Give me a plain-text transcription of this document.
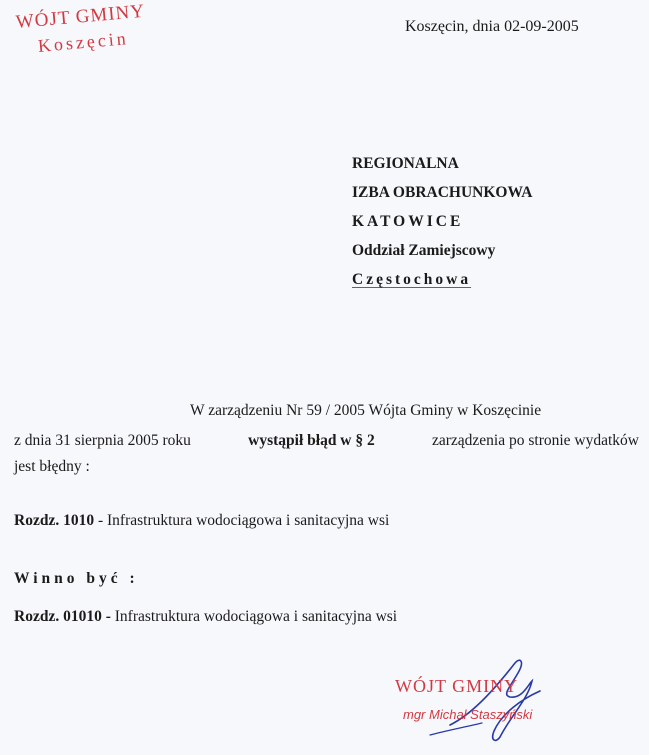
WÓJT GMINY
Koszęcin
Koszęcin, dnia 02-09-2005
REGIONALNA
IZBA OBRACHUNKOWA
KATOWICE
Oddział Zamiejscowy
Częstochowa
W zarządzeniu Nr 59 / 2005 Wójta Gminy w Koszęcinie
z dnia 31 sierpnia 2005 roku	wystąpił błąd w § 2	zarządzenia po stronie wydatków
jest błędny :
Rozdz. 1010 - Infrastruktura wodociągowa i sanitacyjna wsi
Winno być :
Rozdz. 01010 - Infrastruktura wodociągowa i sanitacyjna wsi
WÓJT GMINY
mgr Michał Staszyński
